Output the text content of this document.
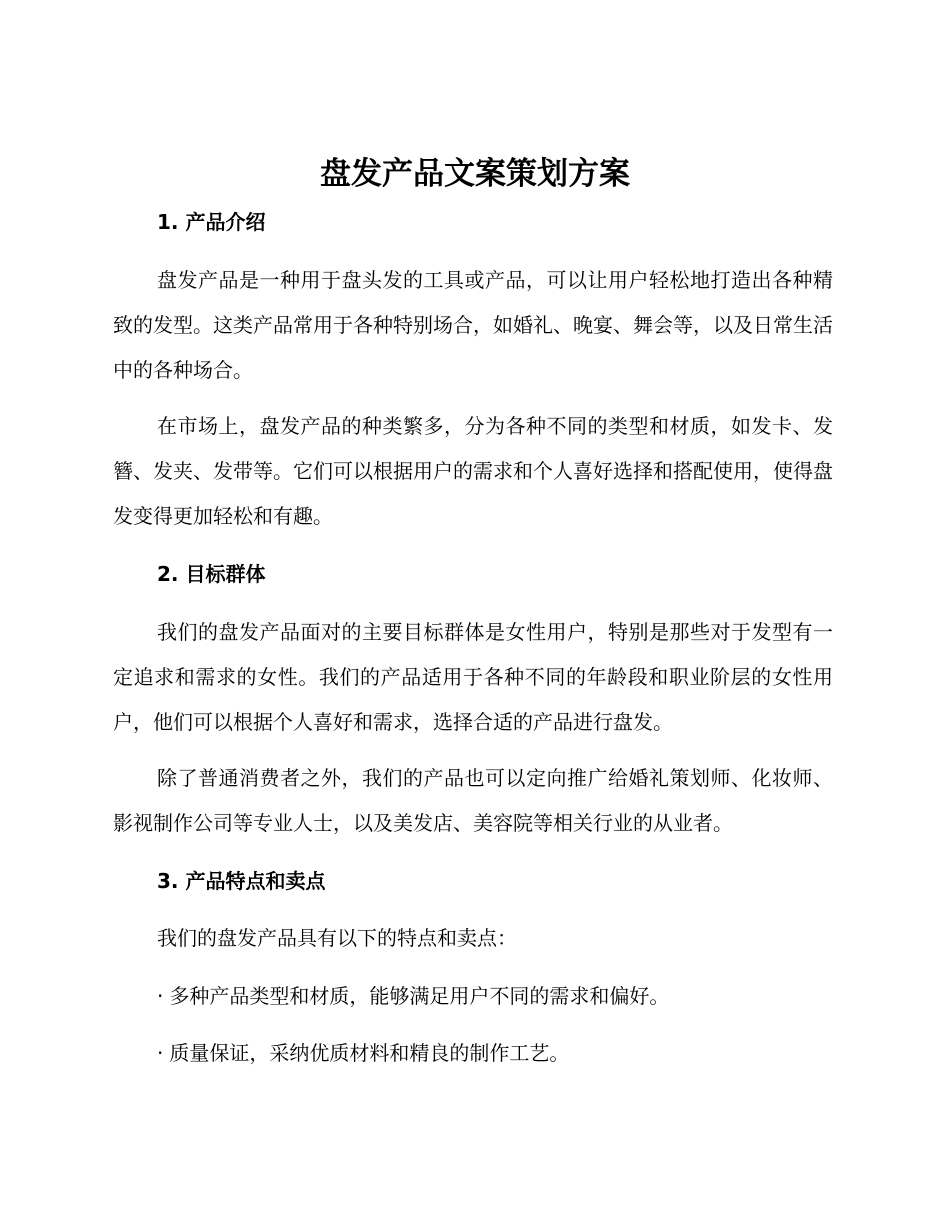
盘发产品文案策划方案
1. 产品介绍

盘发产品是一种用于盘头发的工具或产品，可以让用户轻松地打造出各种精致的发型。这类产品常用于各种特别场合，如婚礼、晚宴、舞会等，以及日常生活中的各种场合。

在市场上，盘发产品的种类繁多，分为各种不同的类型和材质，如发卡、发簪、发夹、发带等。它们可以根据用户的需求和个人喜好选择和搭配使用，使得盘发变得更加轻松和有趣。

2. 目标群体

我们的盘发产品面对的主要目标群体是女性用户，特别是那些对于发型有一定追求和需求的女性。我们的产品适用于各种不同的年龄段和职业阶层的女性用户，他们可以根据个人喜好和需求，选择合适的产品进行盘发。

除了普通消费者之外，我们的产品也可以定向推广给婚礼策划师、化妆师、影视制作公司等专业人士，以及美发店、美容院等相关行业的从业者。

3. 产品特点和卖点

我们的盘发产品具有以下的特点和卖点：

· 多种产品类型和材质，能够满足用户不同的需求和偏好。

· 质量保证，采纳优质材料和精良的制作工艺。
